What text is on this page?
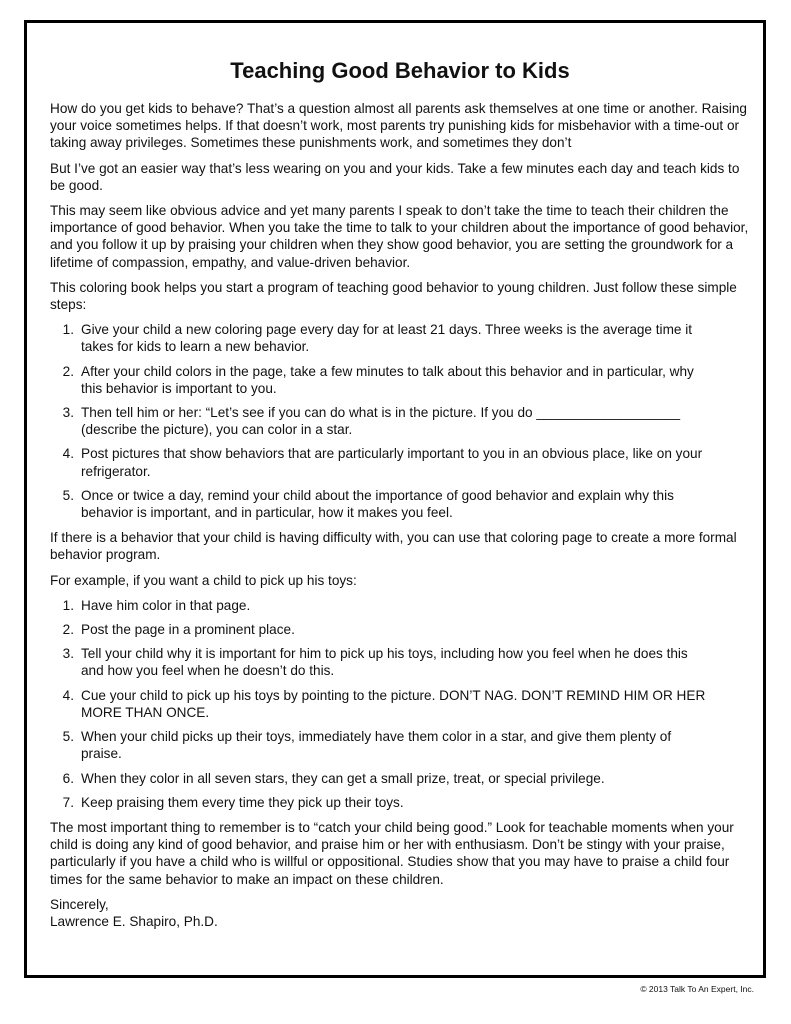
Teaching Good Behavior to Kids

How do you get kids to behave? That’s a question almost all parents ask themselves at one time or another. Raising your voice sometimes helps. If that doesn’t work, most parents try punishing kids for misbehavior with a time-out or taking away privileges. Sometimes these punishments work, and sometimes they don’t

But I’ve got an easier way that’s less wearing on you and your kids. Take a few minutes each day and teach kids to be good.

This may seem like obvious advice and yet many parents I speak to don’t take the time to teach their children the importance of good behavior. When you take the time to talk to your children about the importance of good behavior, and you follow it up by praising your children when they show good behavior, you are setting the groundwork for a lifetime of compassion, empathy, and value-driven behavior.

This coloring book helps you start a program of teaching good behavior to young children. Just follow these simple steps:

1. Give your child a new coloring page every day for at least 21 days. Three weeks is the average time it takes for kids to learn a new behavior.
2. After your child colors in the page, take a few minutes to talk about this behavior and in particular, why this behavior is important to you.
3. Then tell him or her: “Let’s see if you can do what is in the picture. If you do ___________________ (describe the picture), you can color in a star.
4. Post pictures that show behaviors that are particularly important to you in an obvious place, like on your refrigerator.
5. Once or twice a day, remind your child about the importance of good behavior and explain why this behavior is important, and in particular, how it makes you feel.

If there is a behavior that your child is having difficulty with, you can use that coloring page to create a more formal behavior program.

For example, if you want a child to pick up his toys:

1. Have him color in that page.
2. Post the page in a prominent place.
3. Tell your child why it is important for him to pick up his toys, including how you feel when he does this and how you feel when he doesn’t do this.
4. Cue your child to pick up his toys by pointing to the picture. DON’T NAG. DON’T REMIND HIM OR HER MORE THAN ONCE.
5. When your child picks up their toys, immediately have them color in a star, and give them plenty of praise.
6. When they color in all seven stars, they can get a small prize, treat, or special privilege.
7. Keep praising them every time they pick up their toys.

The most important thing to remember is to “catch your child being good.” Look for teachable moments when your child is doing any kind of good behavior, and praise him or her with enthusiasm. Don’t be stingy with your praise, particularly if you have a child who is willful or oppositional. Studies show that you may have to praise a child four times for the same behavior to make an impact on these children.

Sincerely,

Lawrence E. Shapiro, Ph.D.

© 2013 Talk To An Expert, Inc.
